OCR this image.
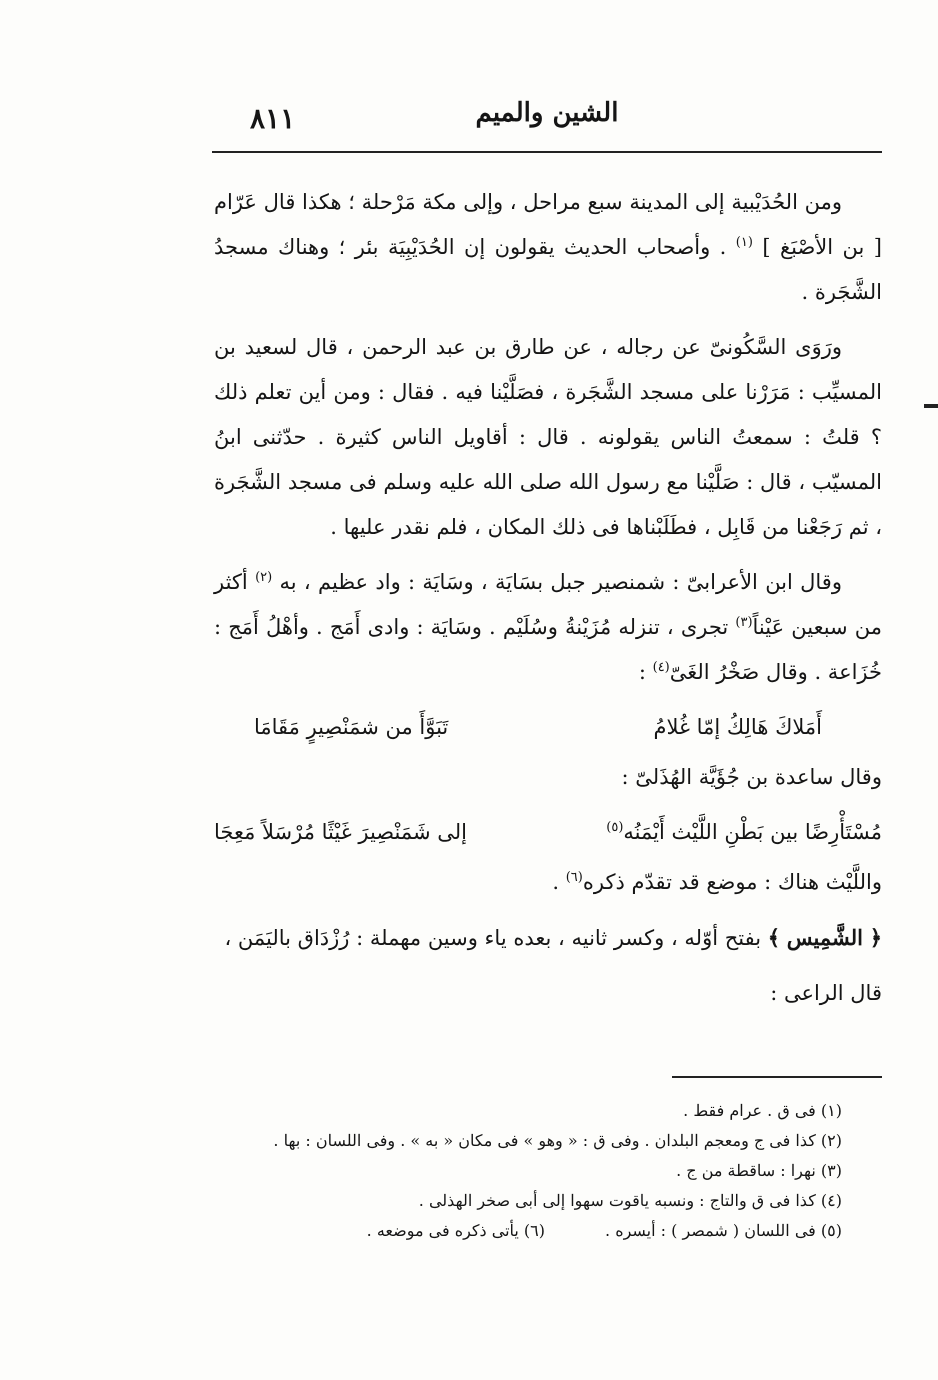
الشين والميم
٨١١

ومن الحُدَيْبية إلى المدينة سبع مراحل ، وإلى مكة مَرْحلة ؛ هكذا قال عَرّام [ بن الأصْبَغ ] $^{(١)}$ . وأصحاب الحديث يقولون إن الحُدَيْبِيَة بئر ؛ وهناك مسجدُ الشَّجَرة .

ورَوَى السَّكُونىّ عن رجاله ، عن طارق بن عبد الرحمن ، قال لسعيد بن المسيِّب : مَرَرْنا على مسجد الشَّجَرة ، فصَلَّيْنا فيه . فقال : ومن أين تعلم ذلك ؟ قلتُ : سمعتُ الناس يقولونه . قال : أقاويل الناس كثيرة . حدّثنى ابنُ المسيّب ، قال : صَلَّيْنا مع رسول الله صلى الله عليه وسلم فى مسجد الشَّجَرة ، ثم رَجَعْنا من قَابِل ، فطَلَبْناها فى ذلك المكان ، فلم نقدر عليها .

وقال ابن الأعرابىّ : شمنصير جبل بسَايَة ، وسَايَة : واد عظيم ، به $^{(٢)}$ أكثر من سبعين عَيْناً$^{(٣)}$ تجرى ، تنزله مُزَيْنةُ وسُلَيْم . وسَايَة : وادى أَمَج . وأهْلُ أَمَج : خُزَاعة . وقال صَخْرُ الغَىّ$^{(٤)}$ :

أَمَلاكَ هَالِكُ إمّا غُلامُ
تَبَوَّأَ من شمَنْصِيرٍ مَقَامَا

وقال ساعدة بن جُؤَيَّة الهُذَلىّ :

مُسْتَأْرِضًا بين بَطْنِ اللَّيْث أَيْمَنُه$^{(٥)}$
إلى شَمَنْصِيرَ غَيْثًا مُرْسَلاً مَعِجَا

واللَّيْث هناك : موضع قد تقدّم ذكره$^{(٦)}$ .

﴿ الشَّمِيس ﴾ بفتح أوّله ، وكسر ثانيه ، بعده ياء وسين مهملة : رُزْدَاق باليَمَن ،

قال الراعى :

(١) فى ق . عرام فقط .

(٢) كذا فى ج ومعجم البلدان . وفى ق : « وهو » فى مكان « به » . وفى اللسان : بها .

(٣) نهرا : ساقطة من ج .

(٤) كذا فى ق والتاج : ونسبه ياقوت سهوا إلى أبى صخر الهذلى .

(٥) فى اللسان ( شمصر ) : أيسره .
(٦) يأتى ذكره فى موضعه .
